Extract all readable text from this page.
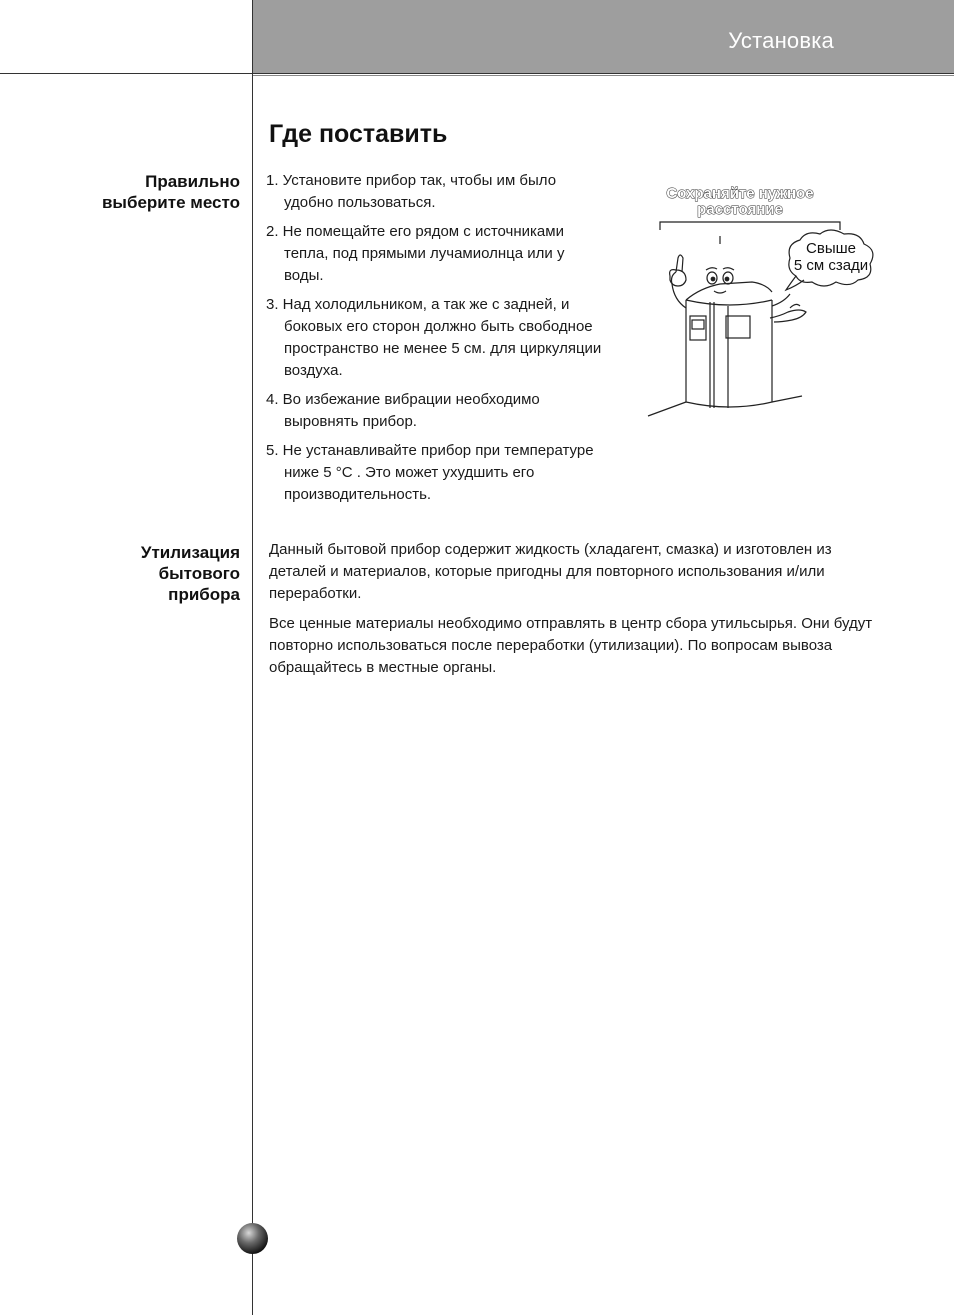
Установка
Где поставить
Правильно
выберите место
1. Установите прибор так, чтобы им было удобно пользоваться.
2. Не помещайте его рядом с источниками тепла, под прямыми лучамиолнца или у воды.
3. Над холодильником, а так же с задней, и боковых его сторон должно быть свободное пространство не менее 5 см. для циркуляции воздуха.
4. Во избежание вибрации необходимо выровнять прибор.
5. Не устанавливайте прибор при температуре ниже 5 °C . Это может ухудшить его производительность.
Сохраняйте нужное
расстояние
Свыше
5 см сзади
Утилизация
бытового
прибора

Данный бытовой прибор содержит жидкость (хладагент, смазка) и изготовлен из деталей и материалов, которые пригодны для повторного использования и/или переработки.

Все ценные материалы необходимо отправлять в центр сбора утильсырья. Они будут повторно использоваться после переработки (утилизации). По вопросам вывоза обращайтесь в местные органы.
